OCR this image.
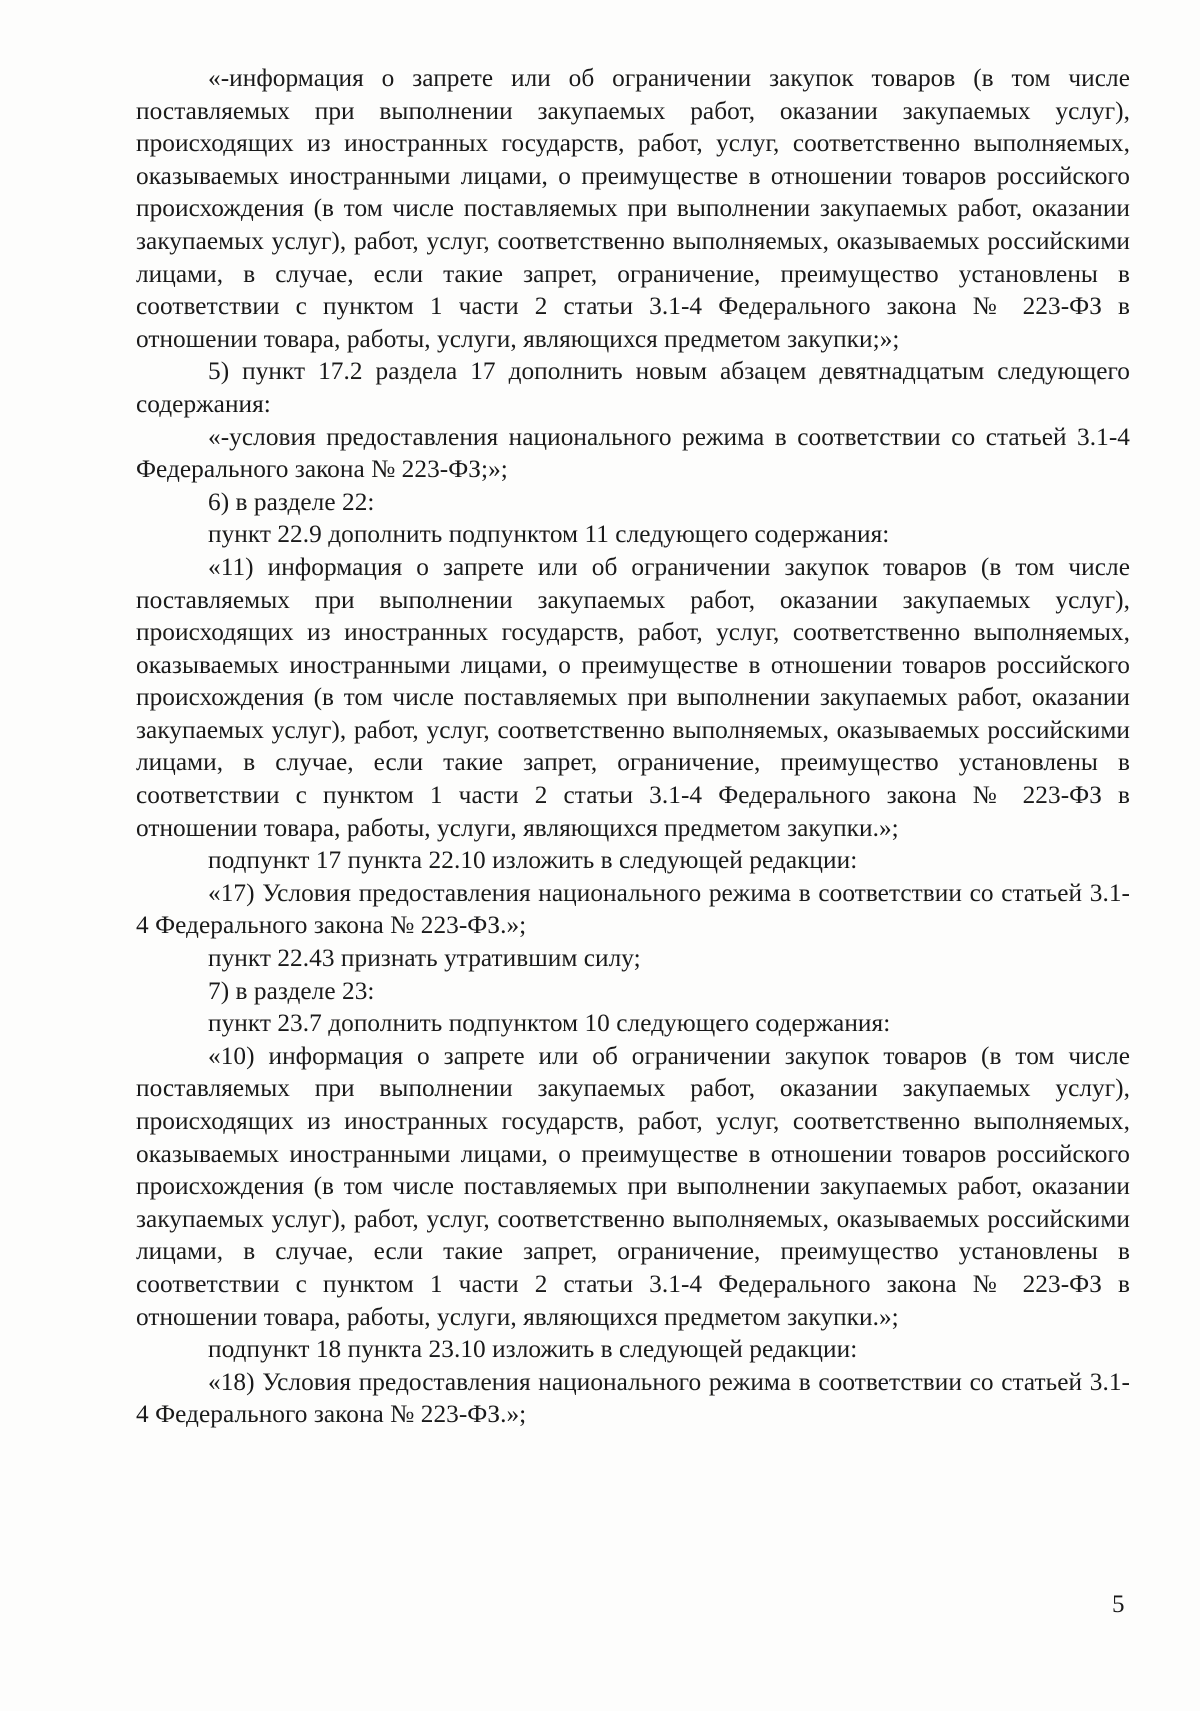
«-информация о запрете или об ограничении закупок товаров (в том числе поставляемых при выполнении закупаемых работ, оказании закупаемых услуг), происходящих из иностранных государств, работ, услуг, соответственно выполняемых, оказываемых иностранными лицами, о преимуществе в отношении товаров российского происхождения (в том числе поставляемых при выполнении закупаемых работ, оказании закупаемых услуг), работ, услуг, соответственно выполняемых, оказываемых российскими лицами, в случае, если такие запрет, ограничение, преимущество установлены в соответствии с пунктом 1 части 2 статьи 3.1-4 Федерального закона № 223-ФЗ в отношении товара, работы, услуги, являющихся предметом закупки;»;

5) пункт 17.2 раздела 17 дополнить новым абзацем девятнадцатым следующего содержания:

«-условия предоставления национального режима в соответствии со статьей 3.1-4 Федерального закона № 223-ФЗ;»;

6) в разделе 22:

пункт 22.9 дополнить подпунктом 11 следующего содержания:

«11) информация о запрете или об ограничении закупок товаров (в том числе поставляемых при выполнении закупаемых работ, оказании закупаемых услуг), происходящих из иностранных государств, работ, услуг, соответственно выполняемых, оказываемых иностранными лицами, о преимуществе в отношении товаров российского происхождения (в том числе поставляемых при выполнении закупаемых работ, оказании закупаемых услуг), работ, услуг, соответственно выполняемых, оказываемых российскими лицами, в случае, если такие запрет, ограничение, преимущество установлены в соответствии с пунктом 1 части 2 статьи 3.1-4 Федерального закона № 223-ФЗ в отношении товара, работы, услуги, являющихся предметом закупки.»;

подпункт 17 пункта 22.10 изложить в следующей редакции:

«17) Условия предоставления национального режима в соответствии со статьей 3.1-4 Федерального закона № 223-ФЗ.»;

пункт 22.43 признать утратившим силу;

7) в разделе 23:

пункт 23.7 дополнить подпунктом 10 следующего содержания:

«10) информация о запрете или об ограничении закупок товаров (в том числе поставляемых при выполнении закупаемых работ, оказании закупаемых услуг), происходящих из иностранных государств, работ, услуг, соответственно выполняемых, оказываемых иностранными лицами, о преимуществе в отношении товаров российского происхождения (в том числе поставляемых при выполнении закупаемых работ, оказании закупаемых услуг), работ, услуг, соответственно выполняемых, оказываемых российскими лицами, в случае, если такие запрет, ограничение, преимущество установлены в соответствии с пунктом 1 части 2 статьи 3.1-4 Федерального закона № 223-ФЗ в отношении товара, работы, услуги, являющихся предметом закупки.»;

подпункт 18 пункта 23.10 изложить в следующей редакции:

«18) Условия предоставления национального режима в соответствии со статьей 3.1-4 Федерального закона № 223-ФЗ.»;

5
